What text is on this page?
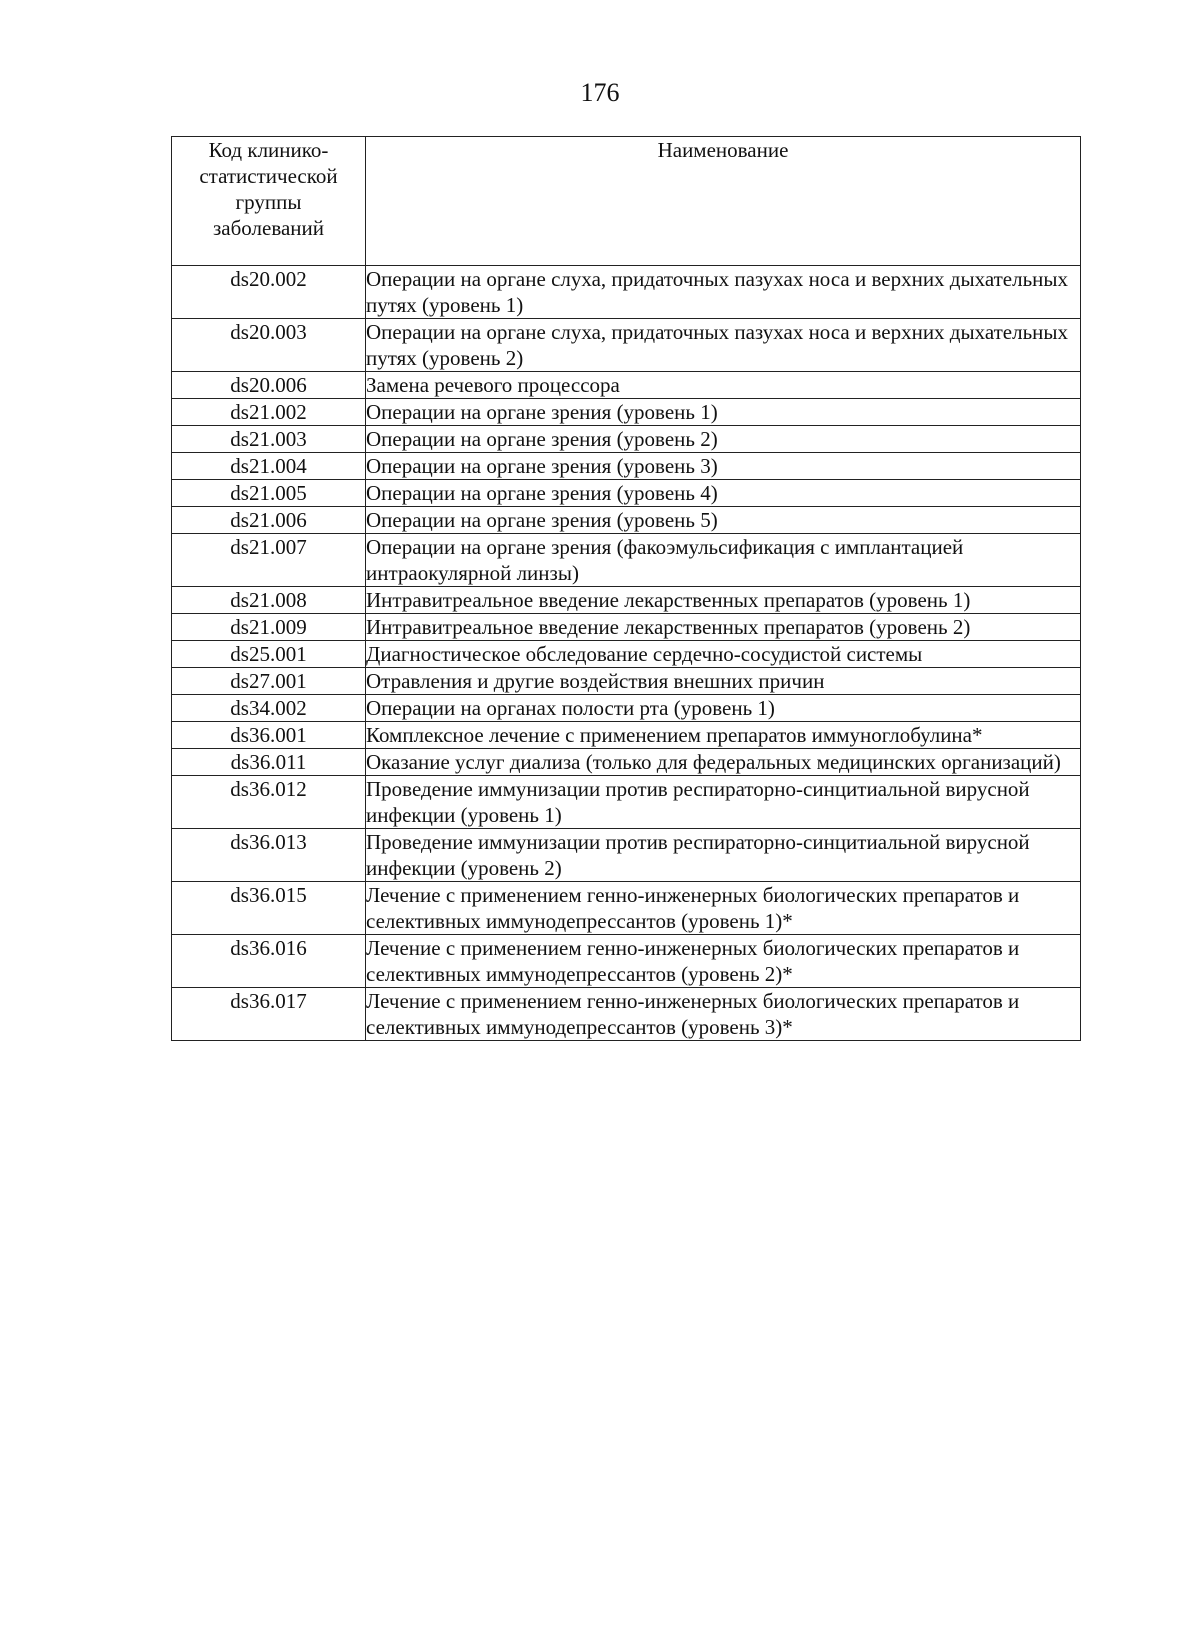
176
Код клинико-
статистической
группы
заболеваний	Наименование
ds20.002	Операции на органе слуха, придаточных пазухах носа и верхних дыхательных путях (уровень 1)
ds20.003	Операции на органе слуха, придаточных пазухах носа и верхних дыхательных путях (уровень 2)
ds20.006	Замена речевого процессора
ds21.002	Операции на органе зрения (уровень 1)
ds21.003	Операции на органе зрения (уровень 2)
ds21.004	Операции на органе зрения (уровень 3)
ds21.005	Операции на органе зрения (уровень 4)
ds21.006	Операции на органе зрения (уровень 5)
ds21.007	Операции на органе зрения (факоэмульсификация с имплантацией интраокулярной линзы)
ds21.008	Интравитреальное введение лекарственных препаратов (уровень 1)
ds21.009	Интравитреальное введение лекарственных препаратов (уровень 2)
ds25.001	Диагностическое обследование сердечно-сосудистой системы
ds27.001	Отравления и другие воздействия внешних причин
ds34.002	Операции на органах полости рта (уровень 1)
ds36.001	Комплексное лечение с применением препаратов иммуноглобулина*
ds36.011	Оказание услуг диализа (только для федеральных медицинских организаций)
ds36.012	Проведение иммунизации против респираторно-синцитиальной вирусной инфекции (уровень 1)
ds36.013	Проведение иммунизации против респираторно-синцитиальной вирусной инфекции (уровень 2)
ds36.015	Лечение с применением генно-инженерных биологических препаратов и селективных иммунодепрессантов (уровень 1)*
ds36.016	Лечение с применением генно-инженерных биологических препаратов и селективных иммунодепрессантов (уровень 2)*
ds36.017	Лечение с применением генно-инженерных биологических препаратов и селективных иммунодепрессантов (уровень 3)*
